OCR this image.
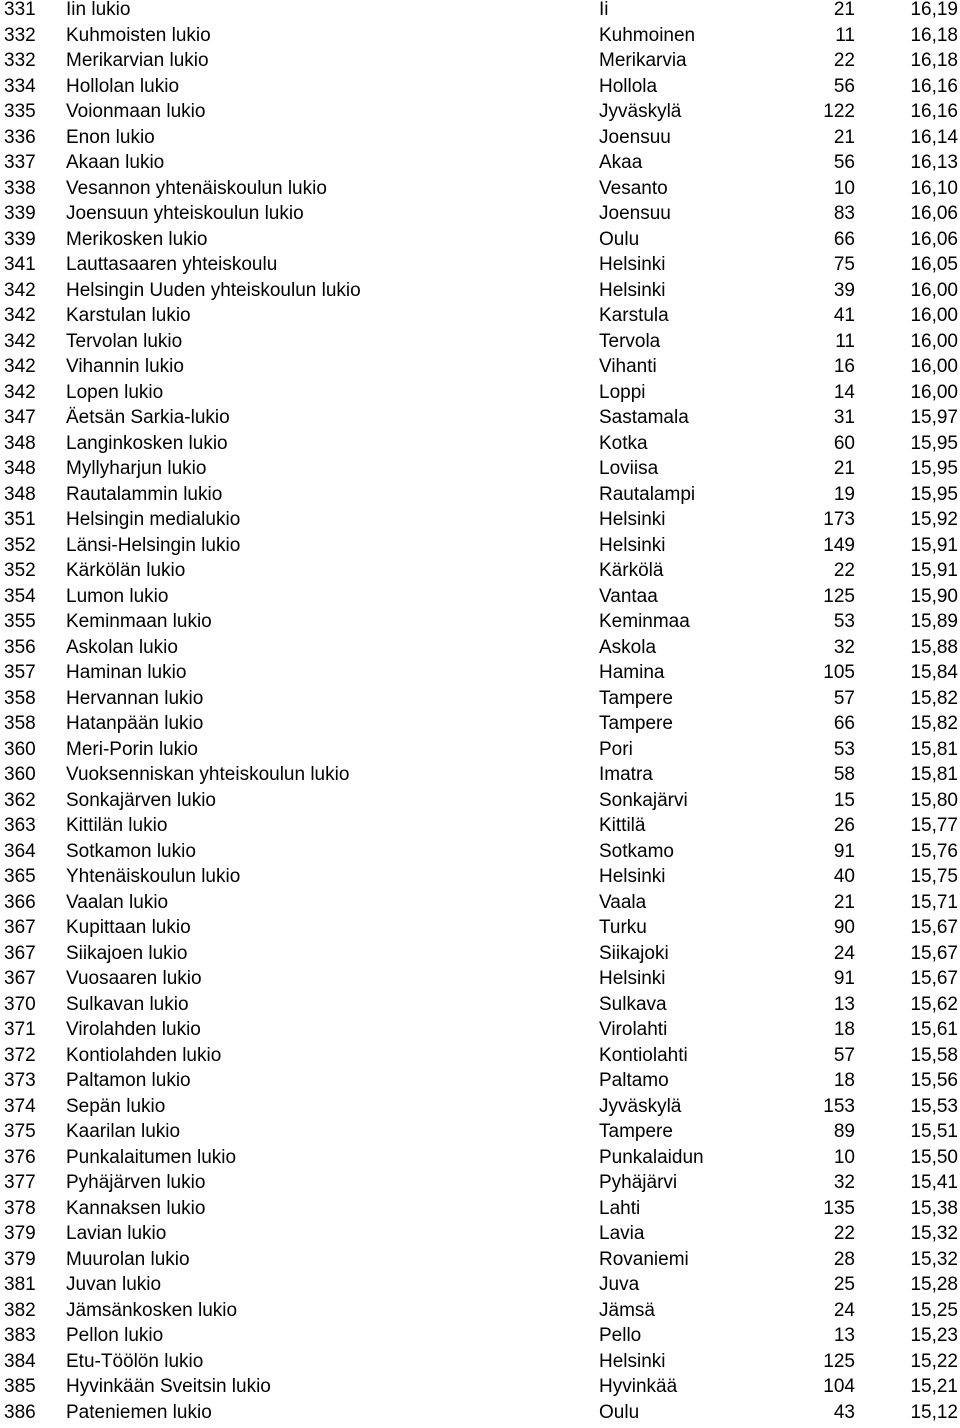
331 Iin lukio	Ii	21	16,19
332 Kuhmoisten lukio	Kuhmoinen	11	16,18
332 Merikarvian lukio	Merikarvia	22	16,18
334 Hollolan lukio	Hollola	56	16,16
335 Voionmaan lukio	Jyväskylä	122	16,16
336 Enon lukio	Joensuu	21	16,14
337 Akaan lukio	Akaa	56	16,13
338 Vesannon yhtenäiskoulun lukio	Vesanto	10	16,10
339 Joensuun yhteiskoulun lukio	Joensuu	83	16,06
339 Merikosken lukio	Oulu	66	16,06
341 Lauttasaaren yhteiskoulu	Helsinki	75	16,05
342 Helsingin Uuden yhteiskoulun lukio	Helsinki	39	16,00
342 Karstulan lukio	Karstula	41	16,00
342 Tervolan lukio	Tervola	11	16,00
342 Vihannin lukio	Vihanti	16	16,00
342 Lopen lukio	Loppi	14	16,00
347 Äetsän Sarkia-lukio	Sastamala	31	15,97
348 Langinkosken lukio	Kotka	60	15,95
348 Myllyharjun lukio	Loviisa	21	15,95
348 Rautalammin lukio	Rautalampi	19	15,95
351 Helsingin medialukio	Helsinki	173	15,92
352 Länsi-Helsingin lukio	Helsinki	149	15,91
352 Kärkölän lukio	Kärkölä	22	15,91
354 Lumon lukio	Vantaa	125	15,90
355 Keminmaan lukio	Keminmaa	53	15,89
356 Askolan lukio	Askola	32	15,88
357 Haminan lukio	Hamina	105	15,84
358 Hervannan lukio	Tampere	57	15,82
358 Hatanpään lukio	Tampere	66	15,82
360 Meri-Porin lukio	Pori	53	15,81
360 Vuoksenniskan yhteiskoulun lukio	Imatra	58	15,81
362 Sonkajärven lukio	Sonkajärvi	15	15,80
363 Kittilän lukio	Kittilä	26	15,77
364 Sotkamon lukio	Sotkamo	91	15,76
365 Yhtenäiskoulun lukio	Helsinki	40	15,75
366 Vaalan lukio	Vaala	21	15,71
367 Kupittaan lukio	Turku	90	15,67
367 Siikajoen lukio	Siikajoki	24	15,67
367 Vuosaaren lukio	Helsinki	91	15,67
370 Sulkavan lukio	Sulkava	13	15,62
371 Virolahden lukio	Virolahti	18	15,61
372 Kontiolahden lukio	Kontiolahti	57	15,58
373 Paltamon lukio	Paltamo	18	15,56
374 Sepän lukio	Jyväskylä	153	15,53
375 Kaarilan lukio	Tampere	89	15,51
376 Punkalaitumen lukio	Punkalaidun	10	15,50
377 Pyhäjärven lukio	Pyhäjärvi	32	15,41
378 Kannaksen lukio	Lahti	135	15,38
379 Lavian lukio	Lavia	22	15,32
379 Muurolan lukio	Rovaniemi	28	15,32
381 Juvan lukio	Juva	25	15,28
382 Jämsänkosken lukio	Jämsä	24	15,25
383 Pellon lukio	Pello	13	15,23
384 Etu-Töölön lukio	Helsinki	125	15,22
385 Hyvinkään Sveitsin lukio	Hyvinkää	104	15,21
386 Pateniemen lukio	Oulu	43	15,12
